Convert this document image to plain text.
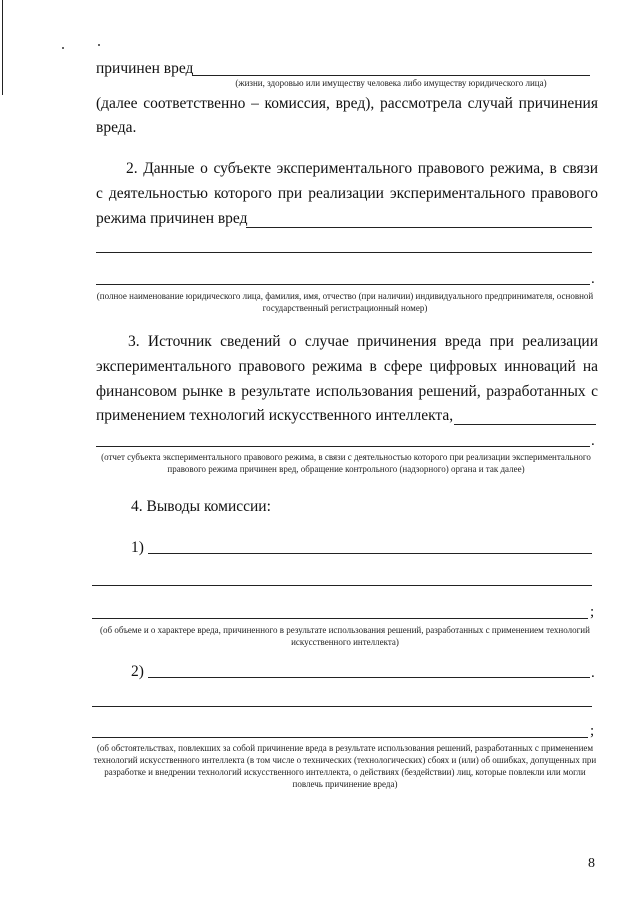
причинен вред
(жизни, здоровью или имуществу человека либо имуществу юридического лица)
(далее соответственно – комиссия, вред), рассмотрела случай причинения
вреда.
2. Данные о субъекте экспериментального правового режима, в связи
с деятельностью которого при реализации экспериментального правового
режима причинен вред
.
(полное наименование юридического лица, фамилия, имя, отчество (при наличии) индивидуального предпринимателя, основной государственный регистрационный номер)
3. Источник сведений о случае причинения вреда при реализации
экспериментального правового режима в сфере цифровых инноваций на
финансовом рынке в результате использования решений, разработанных с
применением технологий искусственного интеллекта,
.
(отчет субъекта экспериментального правового режима, в связи с деятельностью которого при реализации экспериментального правового режима причинен вред, обращение контрольного (надзорного) органа и так далее)
4. Выводы комиссии:
1)
;
(об объеме и о характере вреда, причиненного в результате использования решений, разработанных с применением технологий искусственного интеллекта)
2)	.
;
(об обстоятельствах, повлекших за собой причинение вреда в результате использования решений, разработанных с применением технологий искусственного интеллекта (в том числе о технических (технологических) сбоях и (или) об ошибках, допущенных при разработке и внедрении технологий искусственного интеллекта, о действиях (бездействии) лиц, которые повлекли или могли повлечь причинение вреда)
8
